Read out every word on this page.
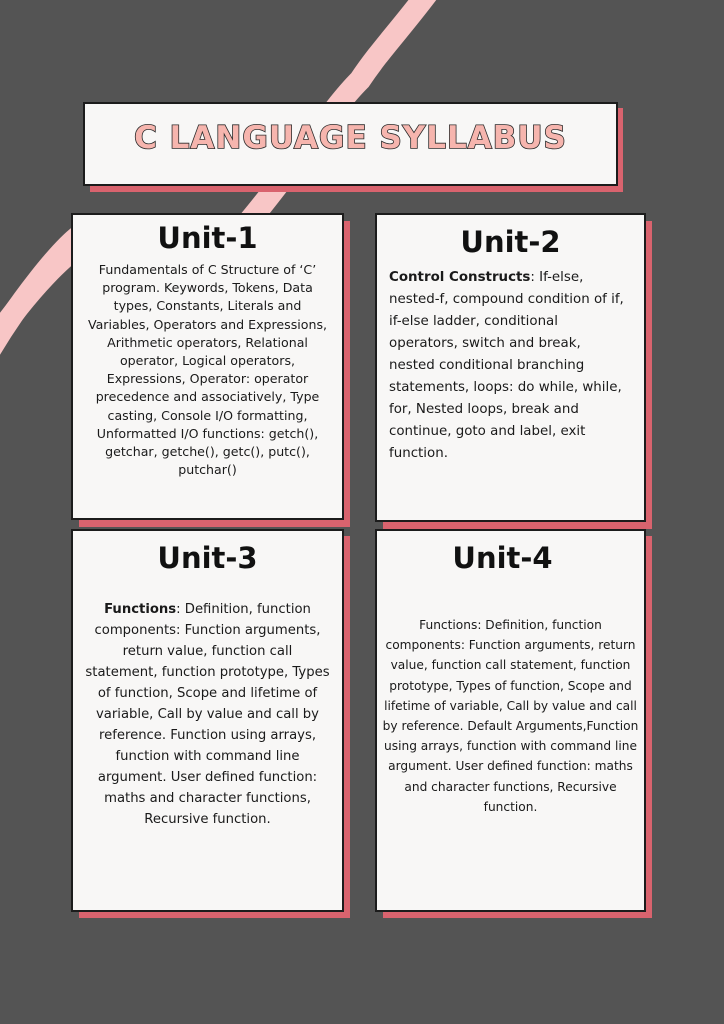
C LANGUAGE SYLLABUS
Unit-1
Fundamentals of C Structure of ‘C’ program. Keywords, Tokens, Data types, Constants, Literals and Variables, Operators and Expressions, Arithmetic operators, Relational operator, Logical operators, Expressions, Operator: operator precedence and associatively, Type casting, Console I/O formatting, Unformatted I/O functions: getch(), getchar, getche(), getc(), putc(), putchar()
Unit-2
Control Constructs: If-else, nested-f, compound condition of if, if-else ladder, conditional operators, switch and break, nested conditional branching statements, loops: do while, while, for, Nested loops, break and continue, goto and label, exit function.
Unit-3
Functions: Definition, function components: Function arguments, return value, function call statement, function prototype, Types of function, Scope and lifetime of variable, Call by value and call by reference. Function using arrays, function with command line argument. User defined function: maths and character functions, Recursive function.
Unit-4
Functions: Definition, function components: Function arguments, return value, function call statement, function prototype, Types of function, Scope and lifetime of variable, Call by value and call by reference. Default Arguments,Function using arrays, function with command line argument. User defined function: maths and character functions, Recursive function.
